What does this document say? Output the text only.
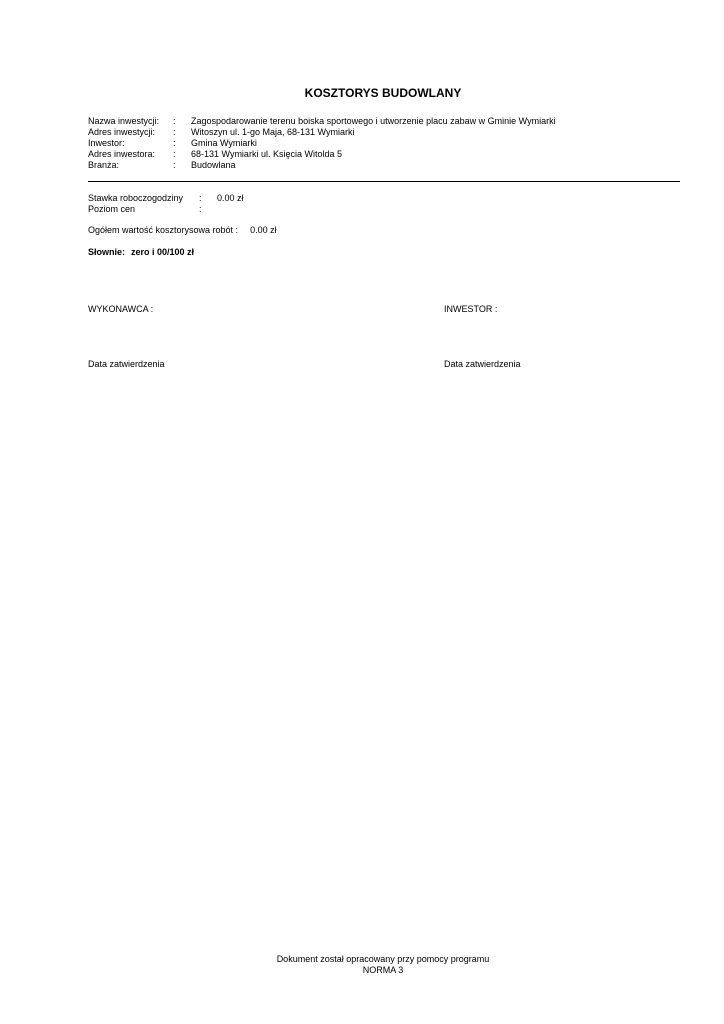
KOSZTORYS BUDOWLANY
Nazwa inwestycji: : Zagospodarowanie terenu boiska sportowego i utworzenie placu zabaw w Gminie Wymiarki
Adres inwestycji: : Witoszyn ul. 1-go Maja, 68-131 Wymiarki
Inwestor:	: Gmina Wymiarki
Adres inwestora: : 68-131 Wymiarki ul. Księcia Witolda 5
Branża:	: Budowlana
Stawka roboczogodziny : 0.00 zł
Poziom cen	:
Ogółem wartość kosztorysowa robót : 0.00 zł
Słownie: zero i 00/100 zł
WYKONAWCA :	INWESTOR :
Data zatwierdzenia	Data zatwierdzenia
Dokument został opracowany przy pomocy programu
NORMA 3
